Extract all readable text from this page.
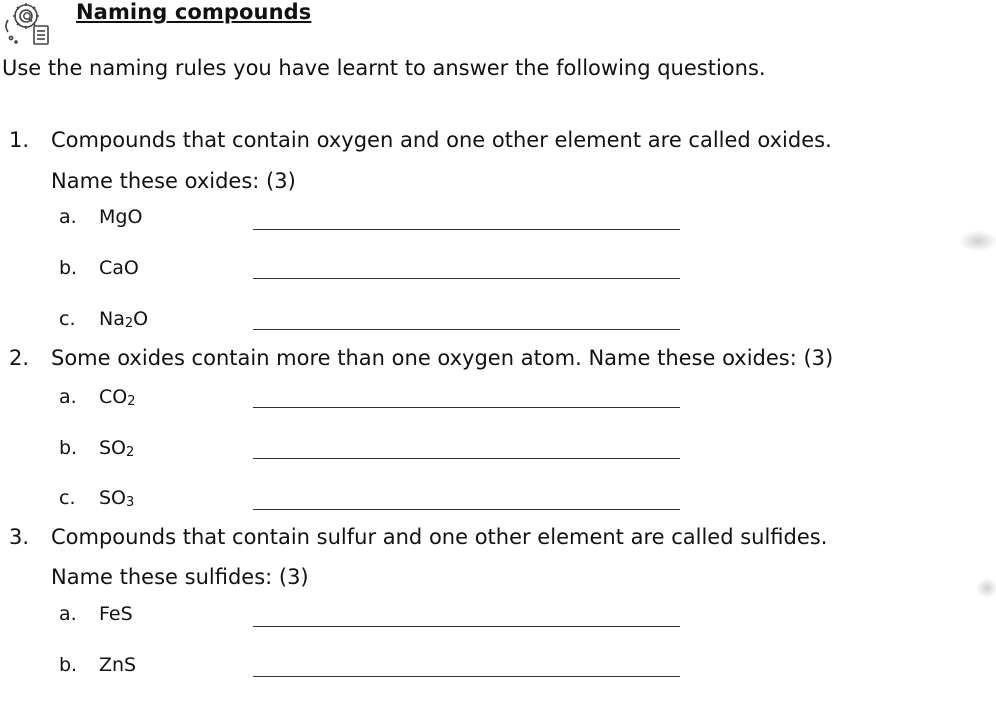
Naming compounds
Use the naming rules you have learnt to answer the following questions.
1. Compounds that contain oxygen and one other element are called oxides.
Name these oxides: (3)
a. MgO
b. CaO
c. $Na_2O$
2. Some oxides contain more than one oxygen atom. Name these oxides: (3)
a. $CO_2$
b. $SO_2$
c. $SO_3$
3. Compounds that contain sulfur and one other element are called sulfides.
Name these sulfides: (3)
a. FeS
b. ZnS
